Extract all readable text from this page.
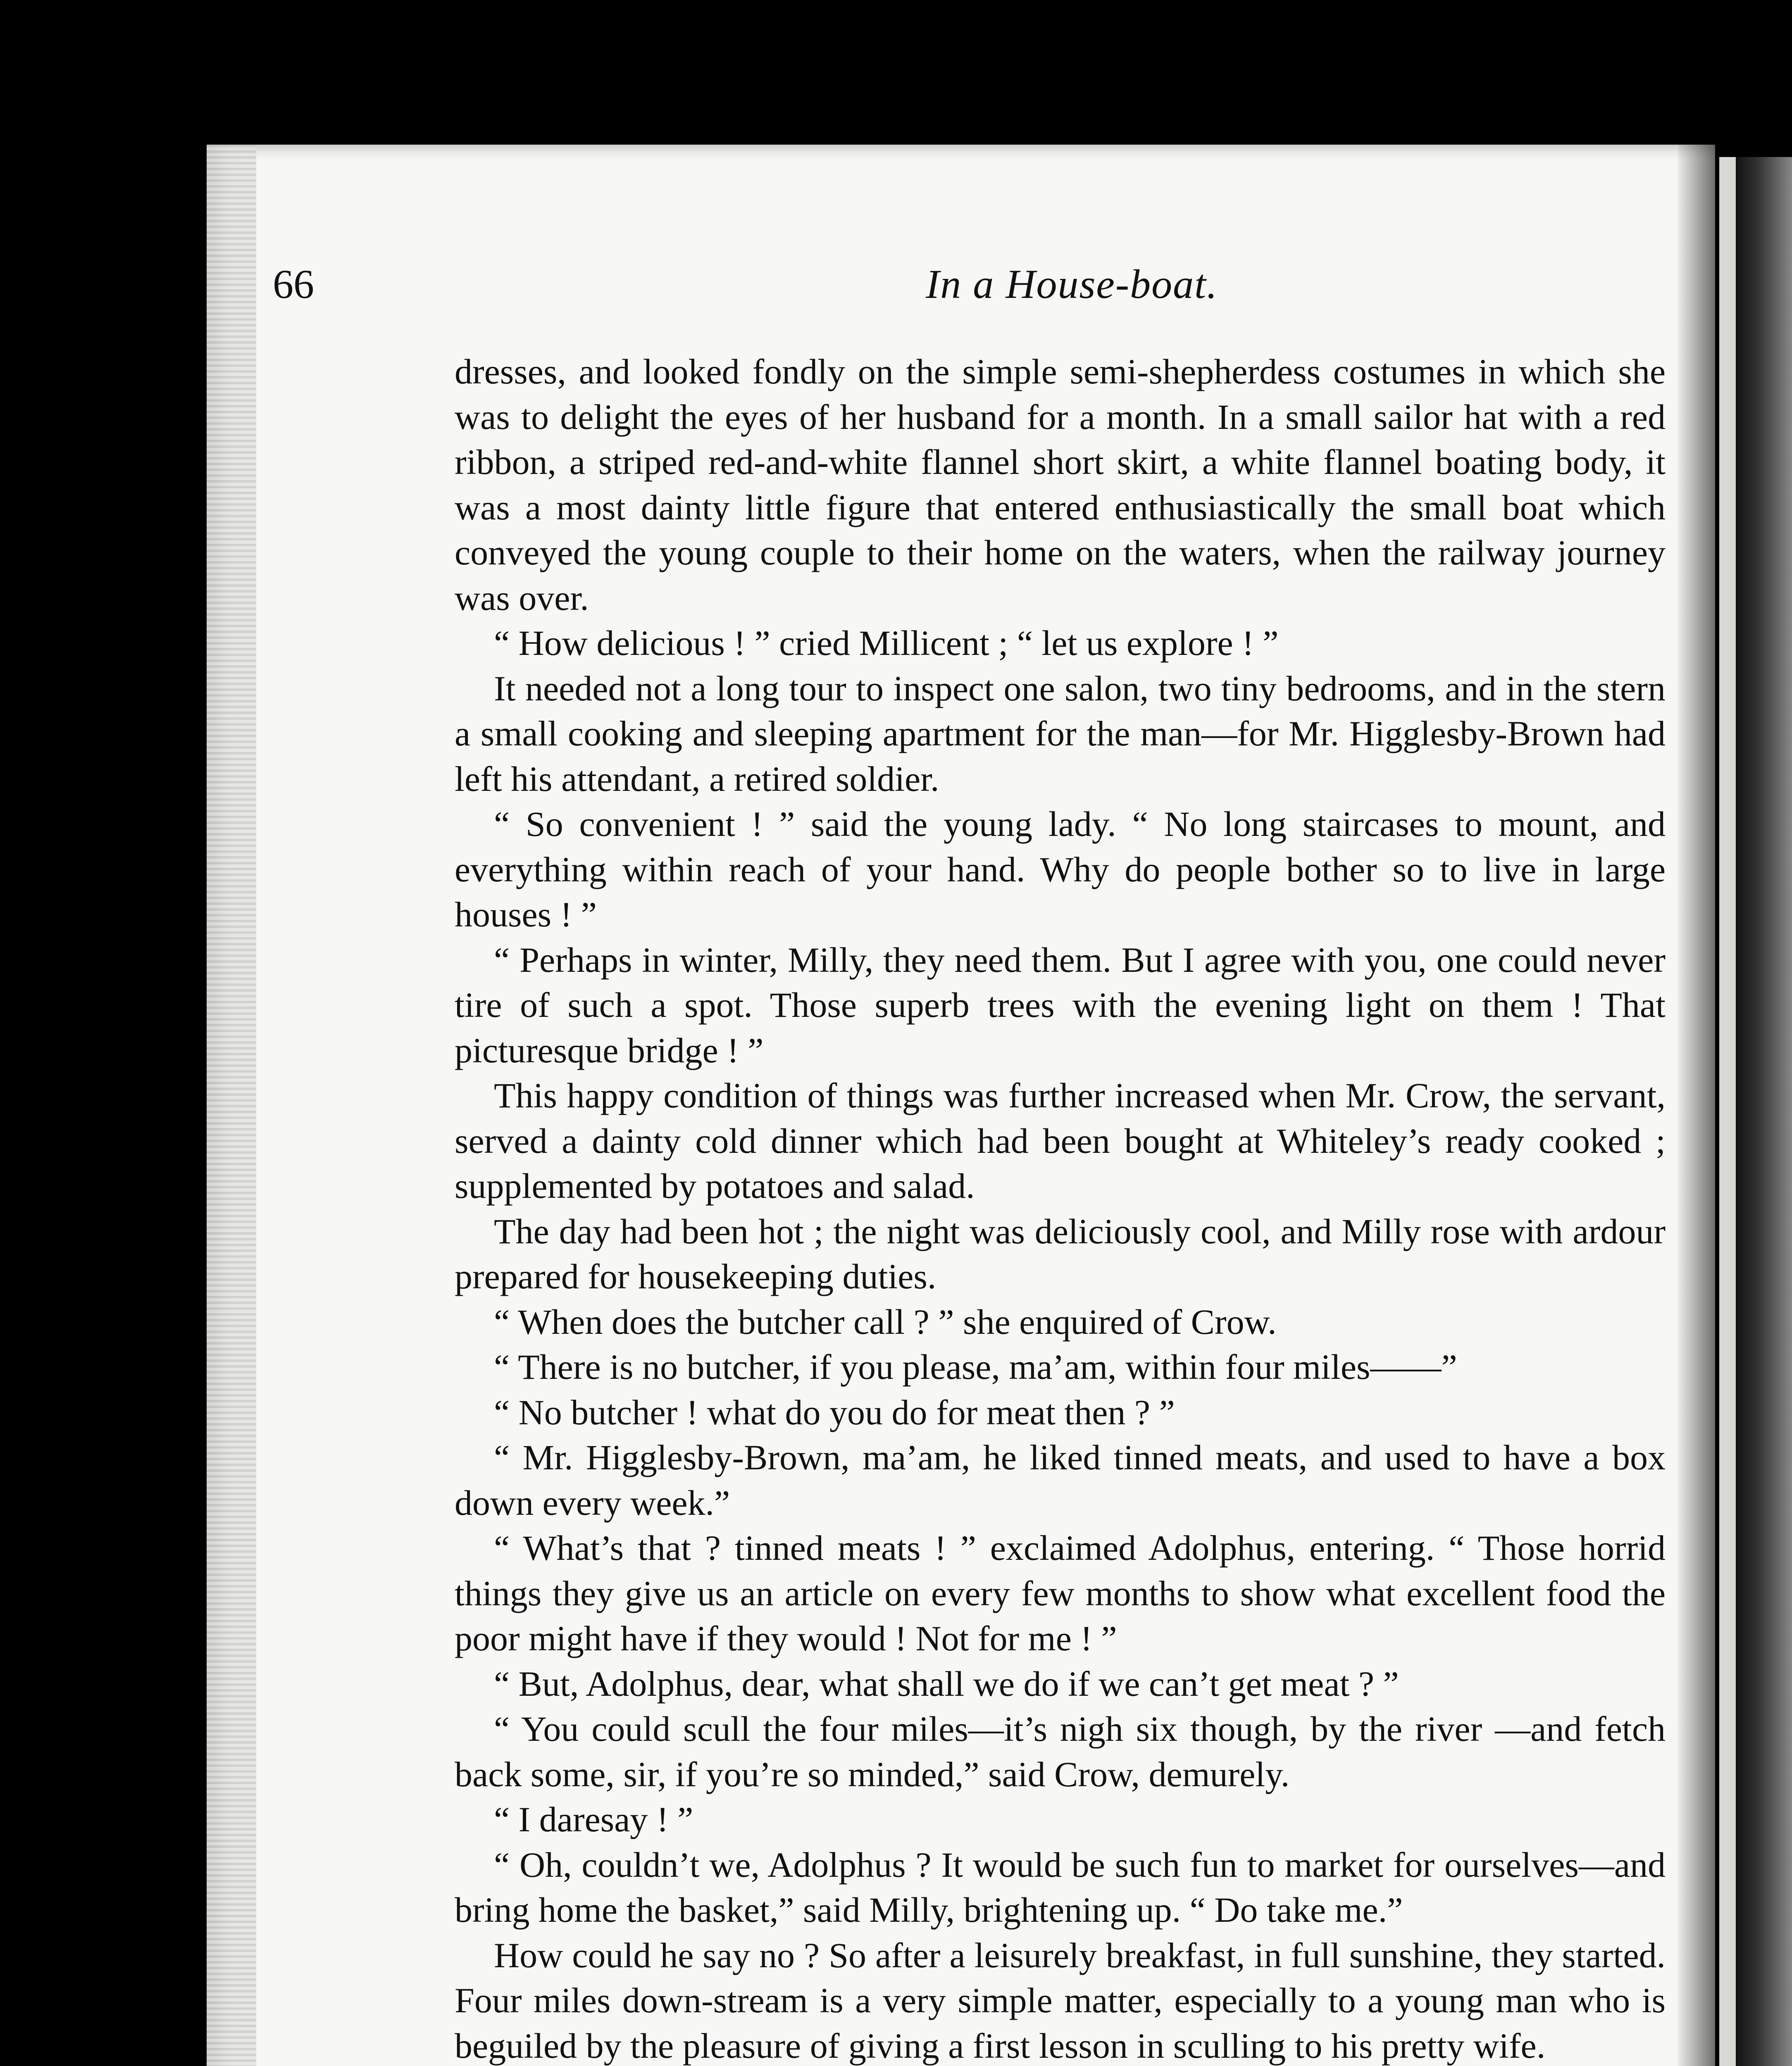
66	In a House-boat.

dresses, and looked fondly on the simple semi-shepherdess costumes in which she was to delight the eyes of her husband for a month. In a small sailor hat with a red ribbon, a striped red-and-white flannel short skirt, a white flannel boating body, it was a most dainty little figure that entered enthusiastically the small boat which conveyed the young couple to their home on the waters, when the railway journey was over.

“ How delicious ! ” cried Millicent ; “ let us explore ! ”

It needed not a long tour to inspect one salon, two tiny bedrooms, and in the stern a small cooking and sleeping apartment for the man—for Mr. Higglesby-Brown had left his attendant, a retired soldier.

“ So convenient ! ” said the young lady. “ No long staircases to mount, and everything within reach of your hand. Why do people bother so to live in large houses ! ”

“ Perhaps in winter, Milly, they need them. But I agree with you, one could never tire of such a spot. Those superb trees with the evening light on them ! That picturesque bridge ! ”

This happy condition of things was further increased when Mr. Crow, the servant, served a dainty cold dinner which had been bought at Whiteley’s ready cooked ; supplemented by potatoes and salad.

The day had been hot ; the night was deliciously cool, and Milly rose with ardour prepared for housekeeping duties.

“ When does the butcher call ? ” she enquired of Crow.

“ There is no butcher, if you please, ma’am, within four miles——”

“ No butcher ! what do you do for meat then ? ”

“ Mr. Higglesby-Brown, ma’am, he liked tinned meats, and used to have a box down every week.”

“ What’s that ? tinned meats ! ” exclaimed Adolphus, entering. “ Those horrid things they give us an article on every few months to show what excellent food the poor might have if they would ! Not for me ! ”

“ But, Adolphus, dear, what shall we do if we can’t get meat ? ”

“ You could scull the four miles—it’s nigh six though, by the river —and fetch back some, sir, if you’re so minded,” said Crow, demurely.

“ I daresay ! ”

“ Oh, couldn’t we, Adolphus ? It would be such fun to market for ourselves—and bring home the basket,” said Milly, brightening up. “ Do take me.”

How could he say no ? So after a leisurely breakfast, in full sunshine, they started. Four miles down-stream is a very simple matter, especially to a young man who is beguiled by the pleasure of giving a first lesson in sculling to his pretty wife.
